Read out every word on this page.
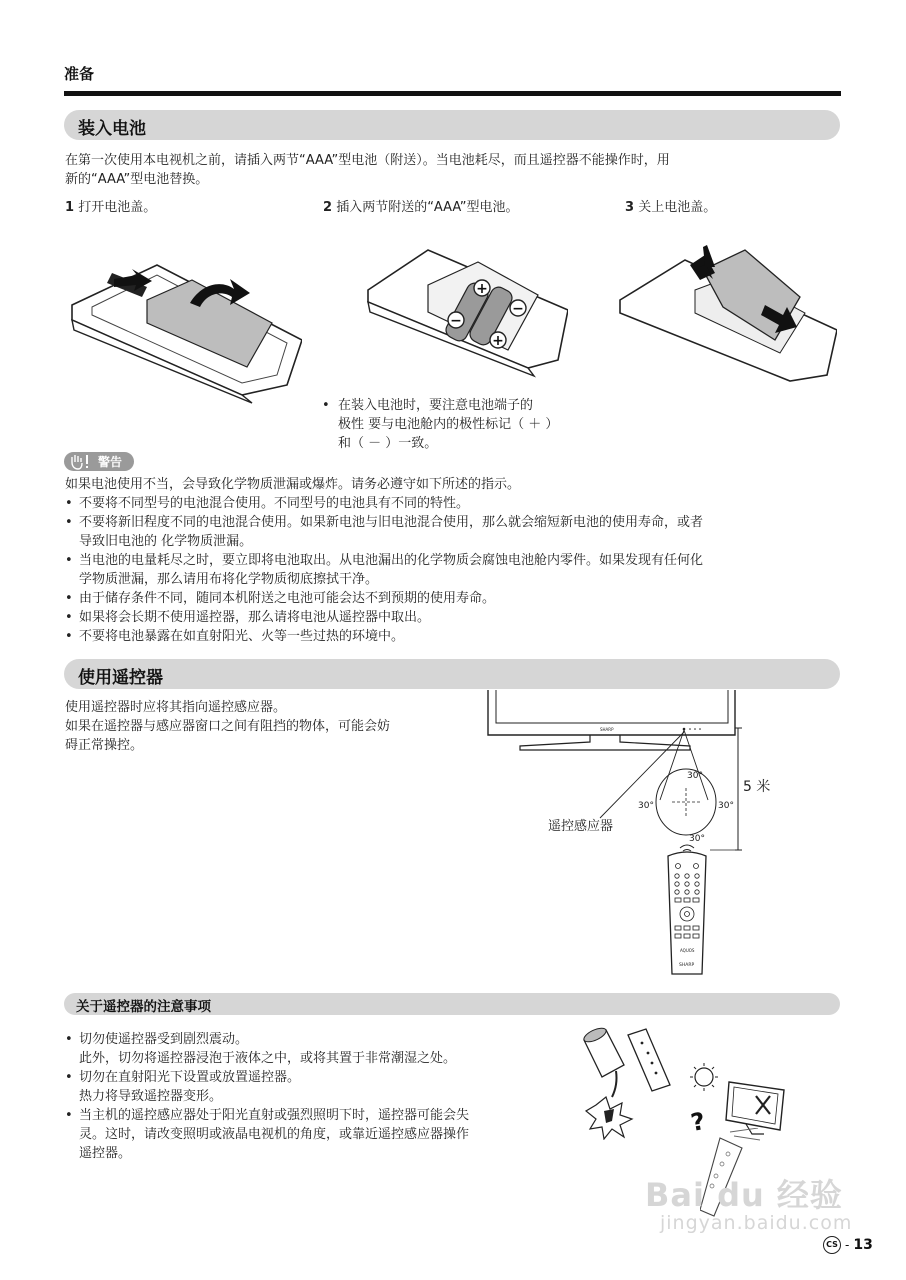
准备
装入电池
在第一次使用本电视机之前，请插入两节“AAA”型电池（附送）。当电池耗尽，而且遥控器不能操作时，用
新的“AAA”型电池替换。
1 打开电池盖。	2 插入两节附送的“AAA”型电池。	3 关上电池盖。
+
−
−
+
• 在装入电池时，要注意电池端子的
极性 要与电池舱内的极性标记（ ＋ ）
和（ － ）一致。
警告
如果电池使用不当，会导致化学物质泄漏或爆炸。请务必遵守如下所述的指示。
• 不要将不同型号的电池混合使用。不同型号的电池具有不同的特性。
• 不要将新旧程度不同的电池混合使用。如果新电池与旧电池混合使用，那么就会缩短新电池的使用寿命，或者
导致旧电池的 化学物质泄漏。
• 当电池的电量耗尽之时，要立即将电池取出。从电池漏出的化学物质会腐蚀电池舱内零件。如果发现有任何化
学物质泄漏，那么请用布将化学物质彻底擦拭干净。
• 由于储存条件不同，随同本机附送之电池可能会达不到预期的使用寿命。
• 如果将会长期不使用遥控器，那么请将电池从遥控器中取出。
• 不要将电池暴露在如直射阳光、火等一些过热的环境中。
使用遥控器
使用遥控器时应将其指向遥控感应器。
如果在遥控器与感应器窗口之间有阻挡的物体，可能会妨
碍正常操控。
SHARP
30°
30°	30°
30°
5 米
AQUOS
SHARP
遥控感应器
关于遥控器的注意事项
• 切勿使遥控器受到剧烈震动。
此外，切勿将遥控器浸泡于液体之中，或将其置于非常潮湿之处。
• 切勿在直射阳光下设置或放置遥控器。
热力将导致遥控器变形。
• 当主机的遥控感应器处于阳光直射或强烈照明下时，遥控器可能会失
灵。这时，请改变照明或液晶电视机的角度，或靠近遥控感应器操作
遥控器。
?
Bai du 经验
jingyan.baidu.com
CS - 13
